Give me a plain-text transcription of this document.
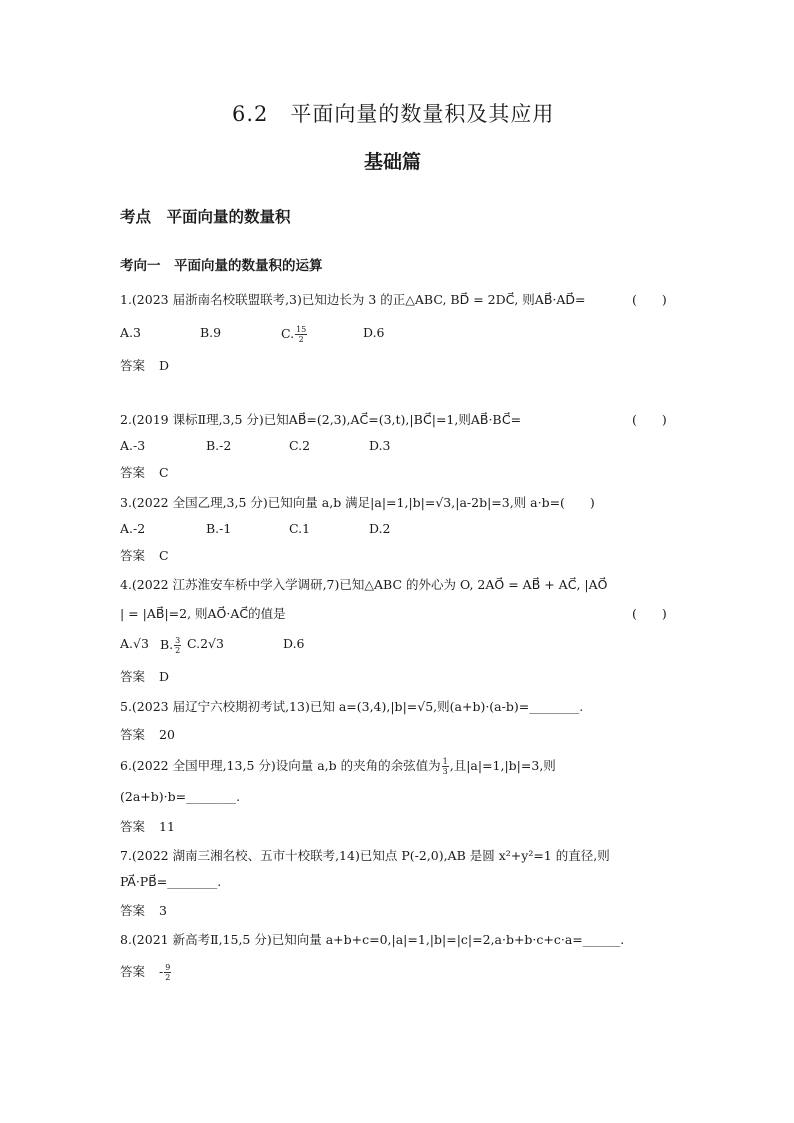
6.2　平面向量的数量积及其应用
基础篇
考点　平面向量的数量积
考向一　平面向量的数量积的运算
1.(2023 届浙南名校联盟联考,3)已知边长为 3 的正△ABC, BD⃗ = 2DC⃗, 则AB⃗·AD⃗=	(　　)
A.3	B.9	C. $\frac{15}{2}$	D.6
答案 D
2.(2019 课标Ⅱ理,3,5 分)已知AB⃗=(2,3),AC⃗=(3,t),|BC⃗|=1,则AB⃗·BC⃗=	(　　)
A.-3	B.-2	C.2	D.3
答案 C
3.(2022 全国乙理,3,5 分)已知向量 a,b 满足|a|=1,|b|=√3,|a-2b|=3,则 a·b=(　　)
A.-2	B.-1	C.1	D.2
答案 C
4.(2022 江苏淮安车桥中学入学调研,7)已知△ABC 的外心为 O, 2AO⃗ = AB⃗ + AC⃗, |AO⃗
| = |AB⃗|=2, 则AO⃗·AC⃗的值是	(　　)
A.√3 B. $\frac{3}{2} C.2√3$	D.6
答案 D
5.(2023 届辽宁六校期初考试,13)已知 a=(3,4),|b|=√5,则(a+b)·(a-b)=________.
答案 20
6.(2022 全国甲理,13,5 分)设向量 a,b 的夹角的余弦值为 $\frac{1}{3}$ ,且|a|=1,|b|=3,则
(2a+b)·b=________.
答案 11
7.(2022 湖南三湘名校、五市十校联考,14)已知点 P(-2,0),AB 是圆 x²+y²=1 的直径,则
PA⃗·PB⃗=________.
答案 3
8.(2021 新高考Ⅱ,15,5 分)已知向量 a+b+c=0,|a|=1,|b|=|c|=2,a·b+b·c+c·a=______.
答案 - $\frac{9}{2}$
